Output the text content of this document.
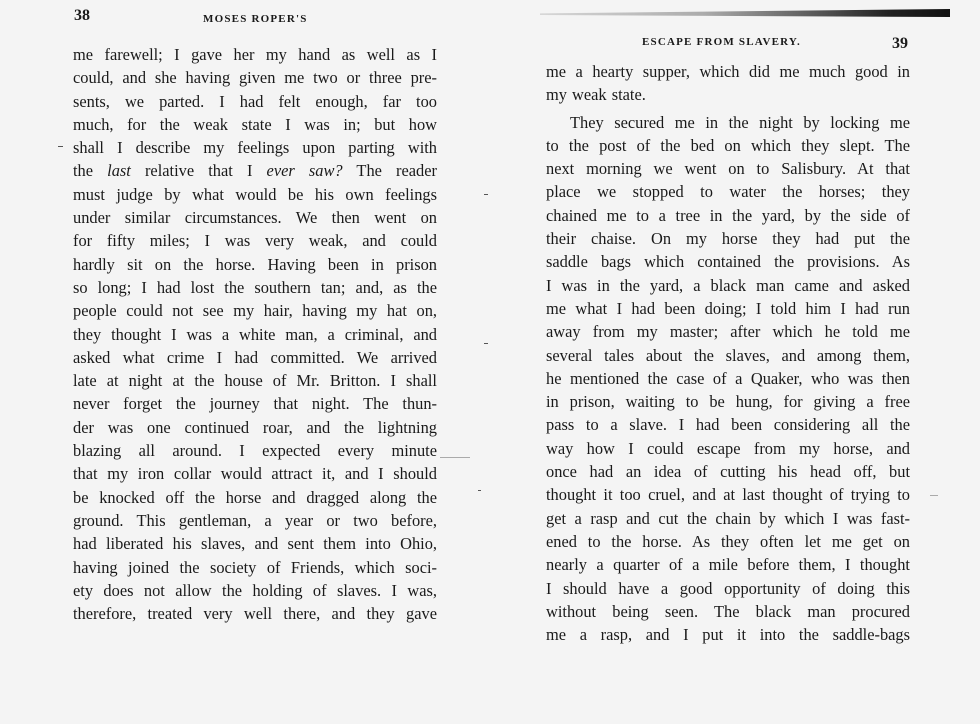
38	MOSES ROPER'S
me farewell; I gave her my hand as well as I
could, and she having given me two or three pre-
sents, we parted. I had felt enough, far too
much, for the weak state I was in; but how
shall I describe my feelings upon parting with
the last relative that I ever saw? The reader
must judge by what would be his own feelings
under similar circumstances. We then went on
for fifty miles; I was very weak, and could
hardly sit on the horse. Having been in prison
so long; I had lost the southern tan; and, as the
people could not see my hair, having my hat on,
they thought I was a white man, a criminal, and
asked what crime I had committed. We arrived
late at night at the house of Mr. Britton. I shall
never forget the journey that night. The thun-
der was one continued roar, and the lightning
blazing all around. I expected every minute
that my iron collar would attract it, and I should
be knocked off the horse and dragged along the
ground. This gentleman, a year or two before,
had liberated his slaves, and sent them into Ohio,
having joined the society of Friends, which soci-
ety does not allow the holding of slaves. I was,
therefore, treated very well there, and they gave
ESCAPE FROM SLAVERY.	39
me a hearty supper, which did me much good in
my weak state.
They secured me in the night by locking me
to the post of the bed on which they slept. The
next morning we went on to Salisbury. At that
place we stopped to water the horses; they
chained me to a tree in the yard, by the side of
their chaise. On my horse they had put the
saddle bags which contained the provisions. As
I was in the yard, a black man came and asked
me what I had been doing; I told him I had run
away from my master; after which he told me
several tales about the slaves, and among them,
he mentioned the case of a Quaker, who was then
in prison, waiting to be hung, for giving a free
pass to a slave. I had been considering all the
way how I could escape from my horse, and
once had an idea of cutting his head off, but
thought it too cruel, and at last thought of trying to
get a rasp and cut the chain by which I was fast-
ened to the horse. As they often let me get on
nearly a quarter of a mile before them, I thought
I should have a good opportunity of doing this
without being seen. The black man procured
me a rasp, and I put it into the saddle-bags
